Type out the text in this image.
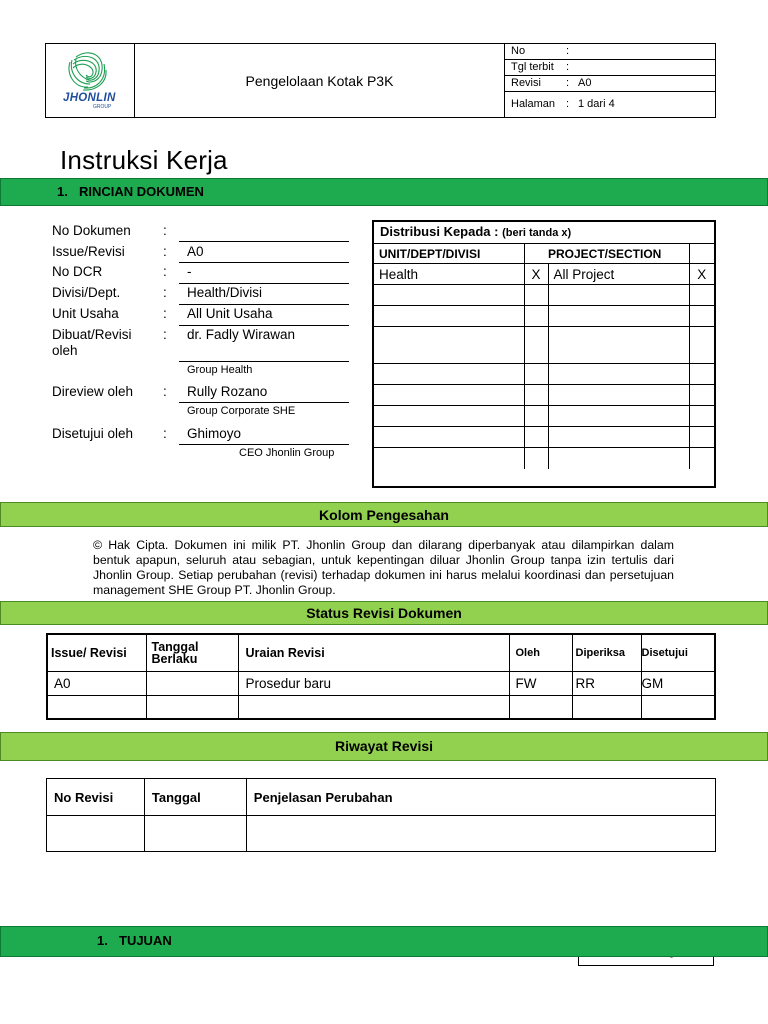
JHONLIN
GROUP
Pengelolaan Kotak P3K
No	:
Tgl terbit :
Revisi : A0
Halaman : 1 dari 4
Instruksi Kerja
1. RINCIAN DOKUMEN
No Dokumen :
Issue/Revisi	: A0
No DCR	: -
Divisi/Dept.	: Health/Divisi
Unit Usaha	: All Unit Usaha
Dibuat/Revisi
oleh
: dr. Fadly Wirawan
Group Health
Direview oleh : Rully Rozano
Group Corporate SHE
Disetujui oleh : Ghimoyo
CEO Jhonlin Group
Distribusi Kepada : (beri tanda x)
UNIT/DEPT/DIVISI		PROJECT/SECTION	
Health	X	All Project	X

Kolom Pengesahan
© Hak Cipta. Dokumen ini milik PT. Jhonlin Group dan dilarang diperbanyak atau dilampirkan dalam bentuk apapun, seluruh atau sebagian, untuk kepentingan diluar Jhonlin Group tanpa izin tertulis dari Jhonlin Group. Setiap perubahan (revisi) terhadap dokumen ini harus melalui koordinasi dan persetujuan management SHE Group PT. Jhonlin Group.
Status Revisi Dokumen
Issue/ Revisi	Tanggal Berlaku	Uraian Revisi	Oleh	Diperiksa	Disetujui
A0		Prosedur baru	FW	RR	GM

Riwayat Revisi
No Revisi	Tanggal	Penjelasan Perubahan

1. TUJUAN
